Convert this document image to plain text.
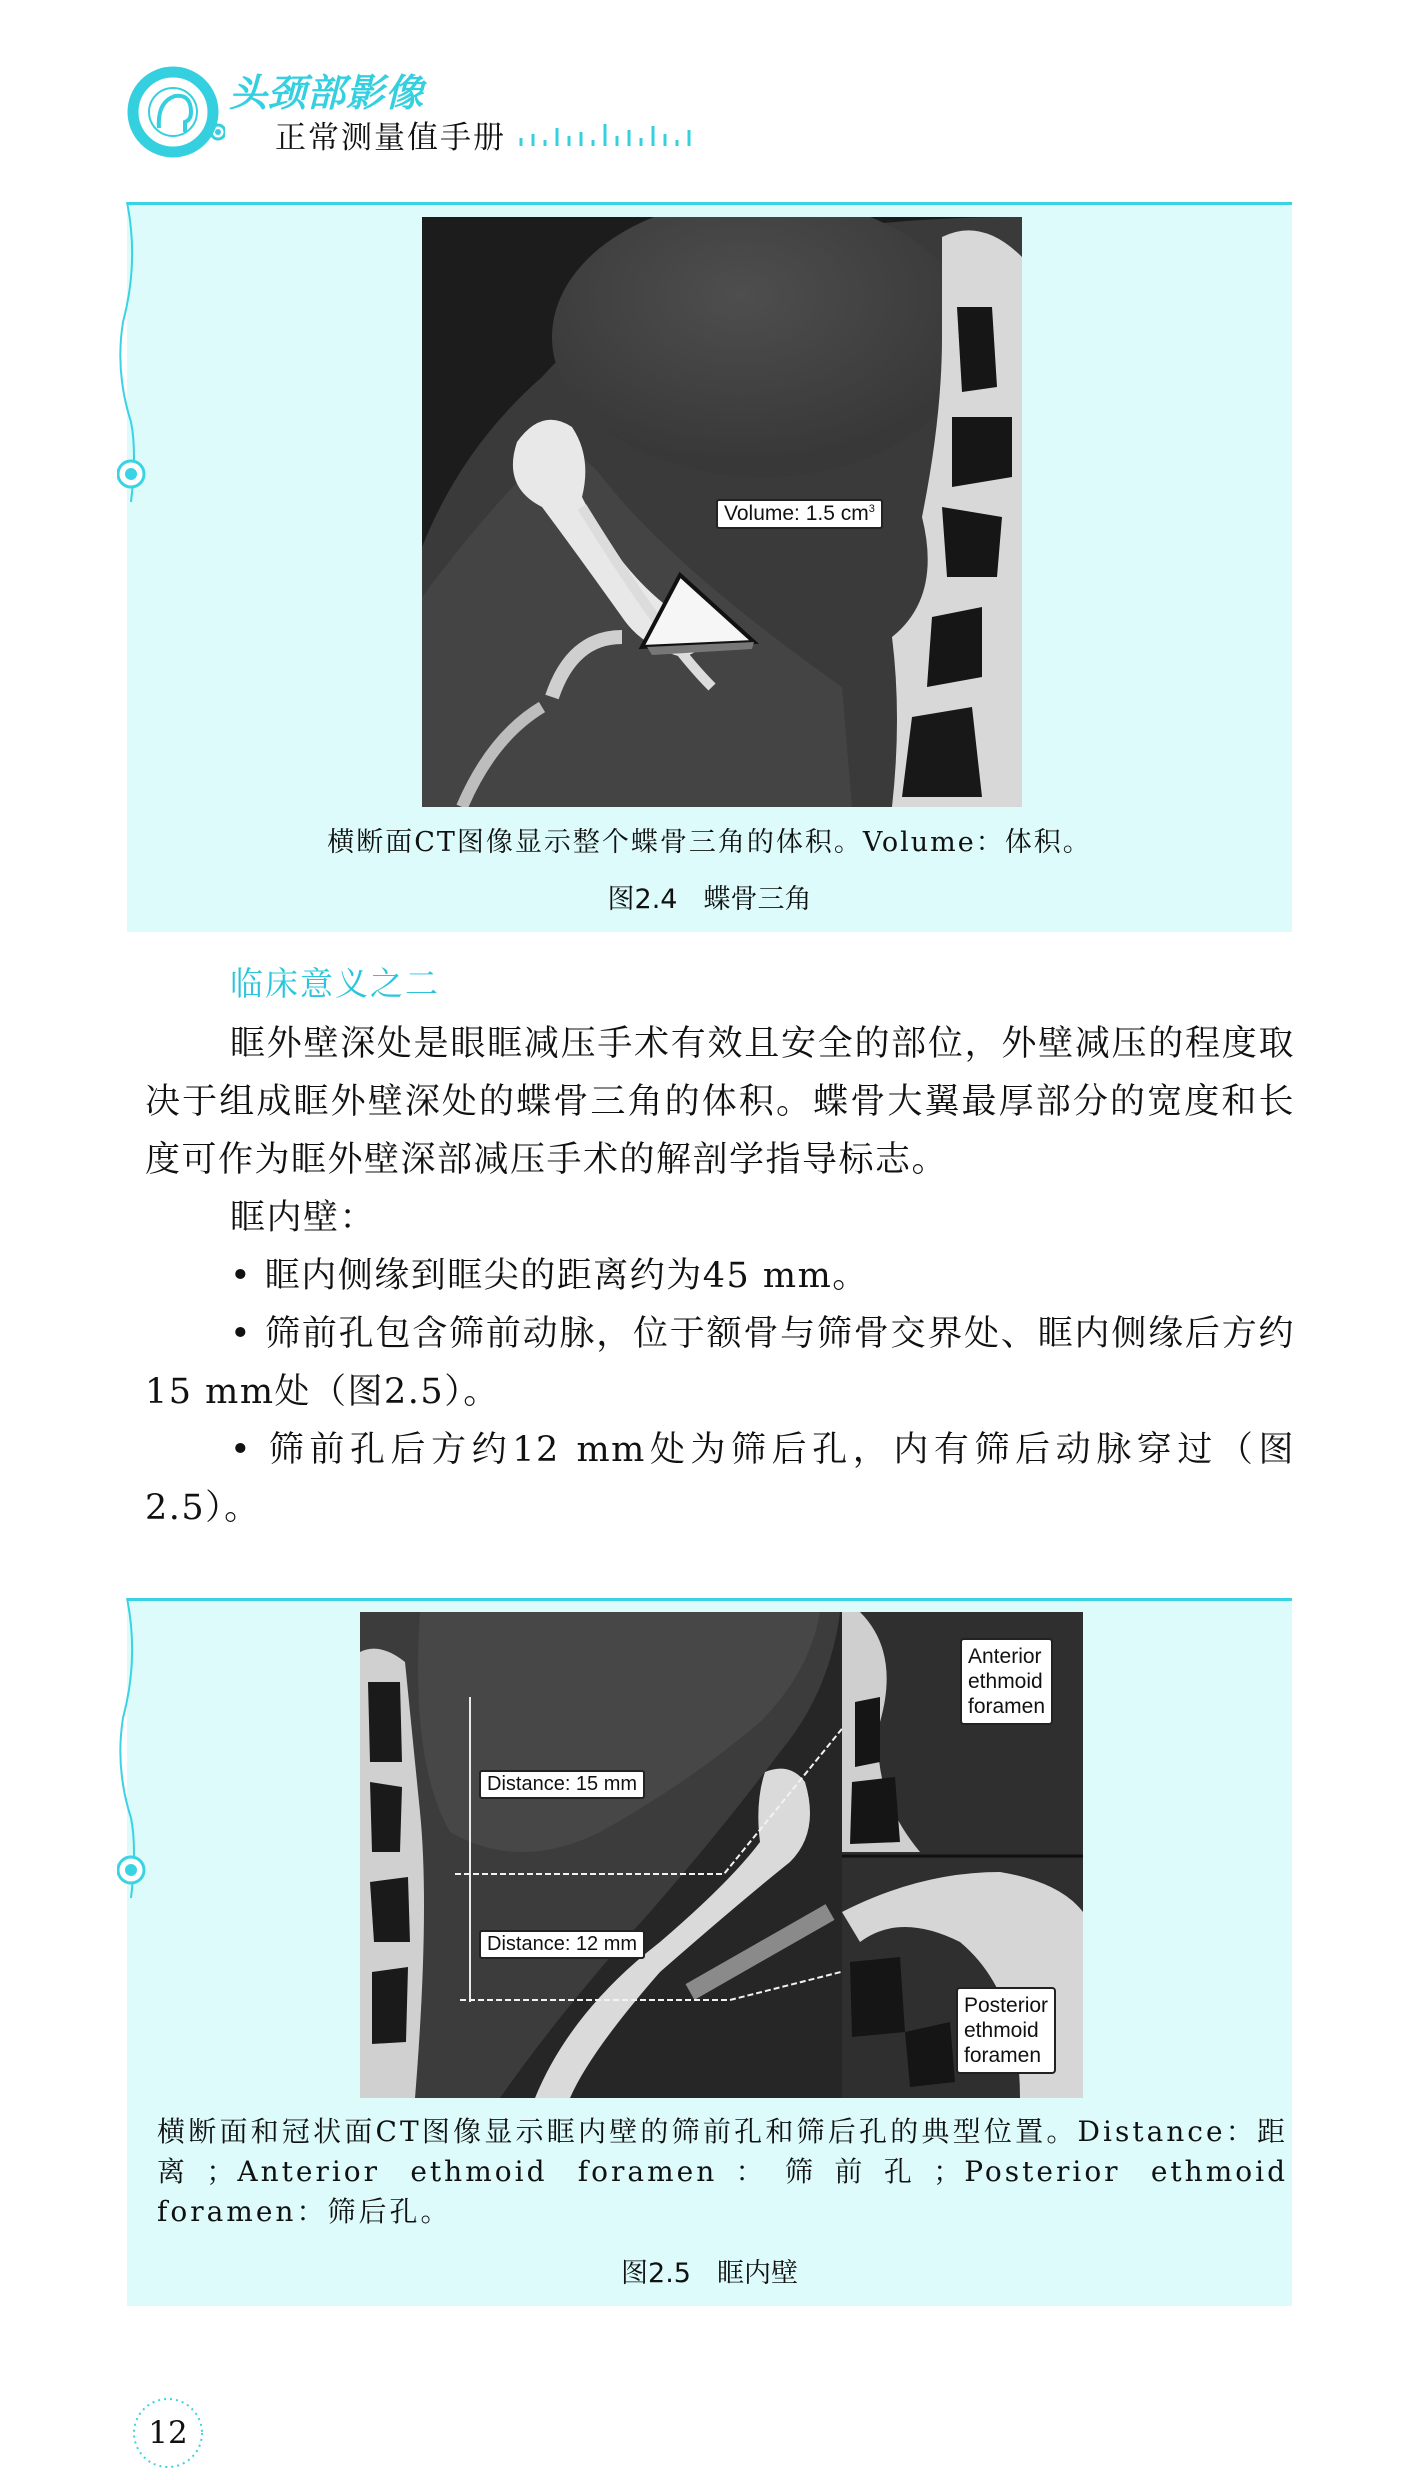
头颈部影像
正常测量值手册
Volume: 1.5 $cm^3$
横断面CT图像显示整个蝶骨三角的体积。Volume：体积。
图2.4 蝶骨三角
临床意义之二

眶外壁深处是眼眶减压手术有效且安全的部位，外壁减压的程度取决于组成眶外壁深处的蝶骨三角的体积。蝶骨大翼最厚部分的宽度和长度可作为眶外壁深部减压手术的解剖学指导标志。

眶内壁：

• 眶内侧缘到眶尖的距离约为45 mm。

• 筛前孔包含筛前动脉，位于额骨与筛骨交界处、眶内侧缘后方约15 mm处（图2.5）。

• 筛前孔后方约12 mm处为筛后孔，内有筛后动脉穿过（图2.5）。

Distance: 15 mm
Distance: 12 mm
Anterior
ethmoid
foramen
Posterior
ethmoid
foramen
横断面和冠状面CT图像显示眶内壁的筛前孔和筛后孔的典型位置。Distance：距离；Anterior ethmoid foramen：筛前孔；Posterior ethmoid foramen：筛后孔。
图2.5 眶内壁
12
